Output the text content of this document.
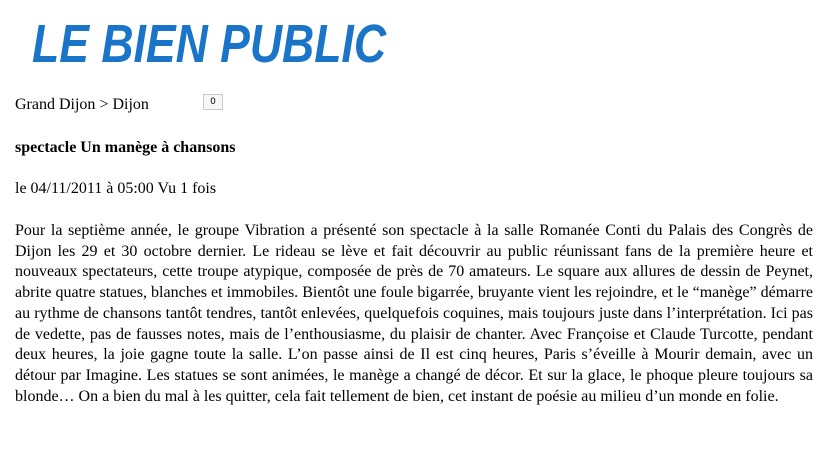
LE BIEN PUBLIC
Grand Dijon > Dijon	0
spectacle Un manège à chansons
le 04/11/2011 à 05:00 Vu 1 fois
Pour la septième année, le groupe Vibration a présenté son spectacle à la salle Romanée Conti du Palais des Congrès de Dijon les 29 et 30 octobre dernier. Le rideau se lève et fait découvrir au public réunissant fans de la première heure et nouveaux spectateurs, cette troupe atypique, composée de près de 70 amateurs. Le square aux allures de dessin de Peynet, abrite quatre statues, blanches et immobiles. Bientôt une foule bigarrée, bruyante vient les rejoindre, et le “manège” démarre au rythme de chansons tantôt tendres, tantôt enlevées, quelquefois coquines, mais toujours juste dans l’interprétation. Ici pas de vedette, pas de fausses notes, mais de l’enthousiasme, du plaisir de chanter. Avec Françoise et Claude Turcotte, pendant deux heures, la joie gagne toute la salle. L’on passe ainsi de Il est cinq heures, Paris s’éveille à Mourir demain, avec un détour par Imagine. Les statues se sont animées, le manège a changé de décor. Et sur la glace, le phoque pleure toujours sa blonde… On a bien du mal à les quitter, cela fait tellement de bien, cet instant de poésie au milieu d’un monde en folie.
